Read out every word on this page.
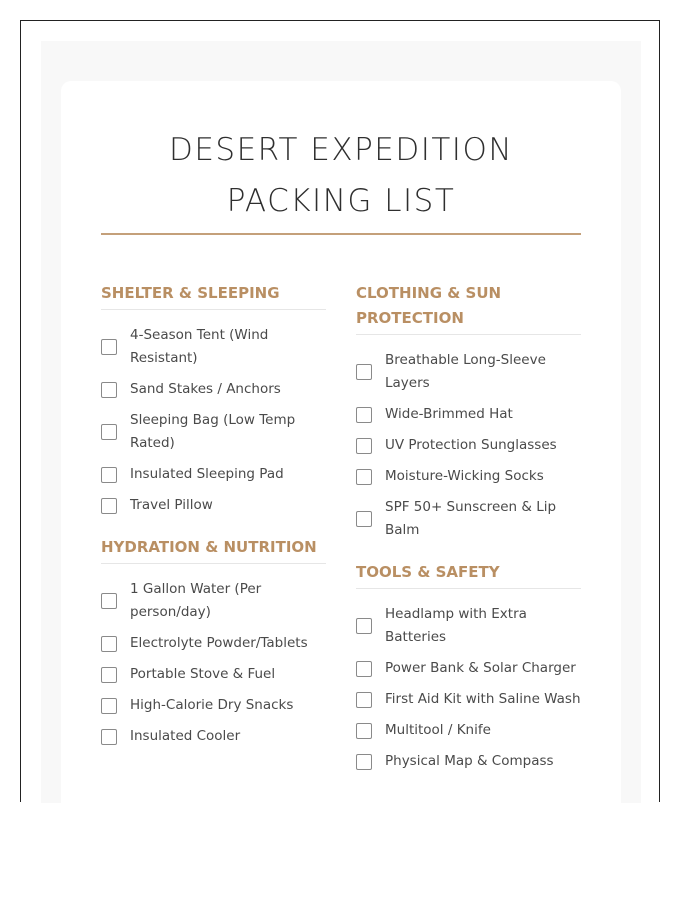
DESERT EXPEDITION PACKING LIST
SHELTER & SLEEPING
4-Season Tent (Wind Resistant)
Sand Stakes / Anchors
Sleeping Bag (Low Temp Rated)
Insulated Sleeping Pad
Travel Pillow
HYDRATION & NUTRITION
1 Gallon Water (Per person/day)
Electrolyte Powder/Tablets
Portable Stove & Fuel
High-Calorie Dry Snacks
Insulated Cooler
CLOTHING & SUN PROTECTION
Breathable Long-Sleeve Layers
Wide-Brimmed Hat
UV Protection Sunglasses
Moisture-Wicking Socks
SPF 50+ Sunscreen & Lip Balm
TOOLS & SAFETY
Headlamp with Extra Batteries
Power Bank & Solar Charger
First Aid Kit with Saline Wash
Multitool / Knife
Physical Map & Compass
